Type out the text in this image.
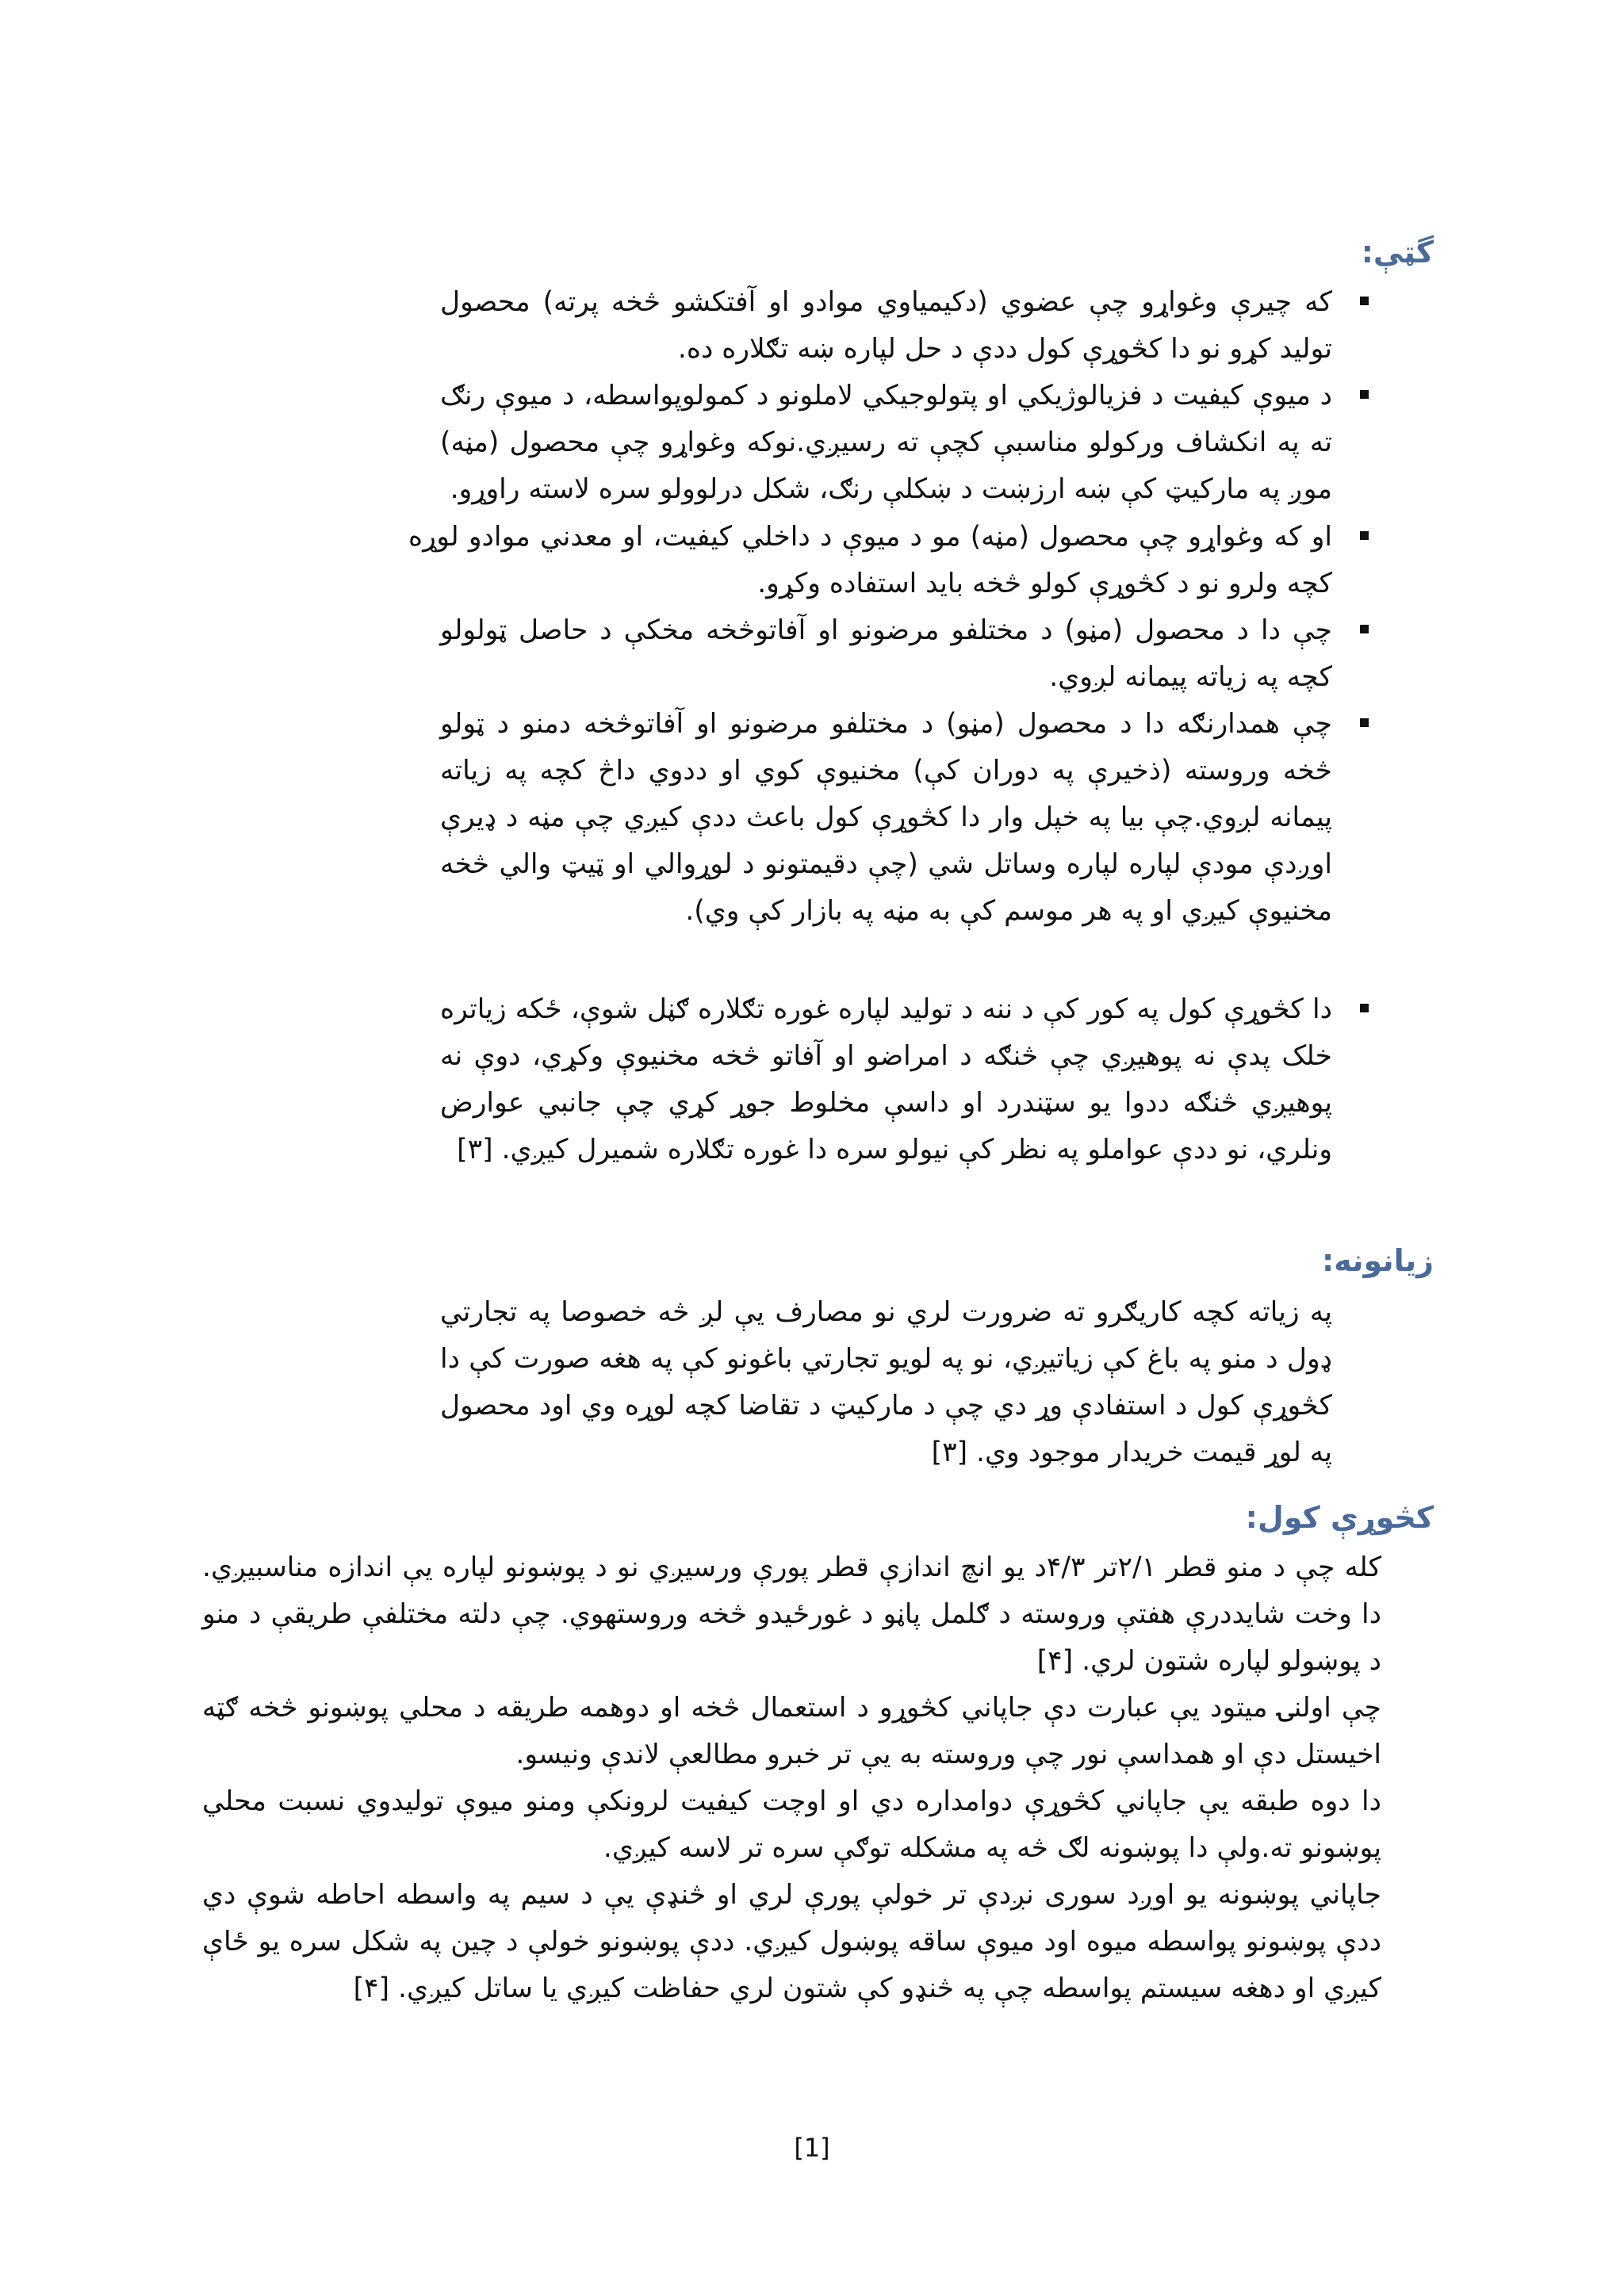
گټې:
که چیرې وغواړو چې عضوي (دکیمیاوي موادو او آفتکشو څخه پرته) محصول تولید کړو نو دا کڅوړې کول ددې د حل لپاره ښه تګلاره ده.
د میوې کیفیت د فزیالوژیکي او پتولوجیکي لاملونو د کمولوپواسطه، د میوې رنګ ته په انکشاف ورکولو مناسبې کچې ته رسیږي.نوکه وغواړو چې محصول (مڼه) موږ په مارکیټ کې ښه ارزښت د ښکلې رنګ، شکل درلوولو سره لاسته راوړو.
او که وغواړو چې محصول (مڼه) مو د میوې د داخلي کیفیت، او معدني موادو لوړه کچه ولرو نو د کڅوړې کولو څخه باید استفاده وکړو.
چې دا د محصول (مڼو) د مختلفو مرضونو او آفاتوڅخه مخکې د حاصل ټولولو کچه په زیاته پیمانه لږوي.
چې همدارنګه دا د محصول (مڼو) د مختلفو مرضونو او آفاتوڅخه دمنو د ټولو څخه وروسته (ذخیرې په دوران کې) مخنیوې کوي او ددوي داڅ کچه په زیاته پیمانه لږوي.چې بیا په خپل وار دا کڅوړې کول باعث ددې کیږي چې مڼه د ډیرې اوږدې مودې لپاره لپاره وساتل شي (چې دقیمتونو د لوړوالي او ټیټ والي څخه مخنیوې کیږي او په هر موسم کې به مڼه په بازار کې وي).
دا کڅوړې کول په کور کې د ننه د تولید لپاره غوره تګلاره ګڼل شوې، ځکه زیاتره خلک پدې نه پوهیږي چې څنګه د امراضو او آفاتو څخه مخنیوې وکړي، دوې نه پوهیږي څنګه ددوا یو سټندرد او داسې مخلوط جوړ کړي چې جانبي عوارض ونلري، نو ددې عواملو په نظر کې نیولو سره دا غوره تګلاره شمیرل کیږي. [۳]
زیانونه:
په زیاته کچه کاریګرو ته ضرورت لري نو مصارف یې لږ څه خصوصا په تجارتي ډول د منو په باغ کې زیاتیږي، نو په لویو تجارتي باغونو کې په هغه صورت کې دا کڅوړې کول د استفادې وړ دي چې د مارکیټ د تقاضا کچه لوړه وي اود محصول په لوړ قیمت خریدار موجود وي. [۳]
کڅوړې کول:
کله چې د منو قطر ۲/۱تر ۴/۳د یو انچ اندازې قطر پورې ورسیږي نو د پوښونو لپاره یې اندازه مناسبیږي. دا وخت شایددرې هفتې وروسته د ګلمل پاڼو د غورځیدو څخه وروستهوي. چې دلته مختلفې طریقې د منو د پوښولو لپاره شتون لري. [۴]
چې اولنۍ میتود یې عبارت دې جاپاني کڅوړو د استعمال څخه او دوهمه طریقه د محلي پوښونو څخه ګټه اخیستل دې او همداسې نور چې وروسته به یې تر خبرو مطالعې لاندې ونیسو.
دا دوه طبقه یې جاپاني کڅوړې دوامداره دي او اوچت کیفیت لرونکې ومنو میوې تولیدوي نسبت محلي پوښونو ته.ولې دا پوښونه لګ څه په مشکله توګې سره تر لاسه کیږي.
جاپاني پوښونه یو اوږد سوری نږدې تر خولې پورې لري او څنډې یې د سیم په واسطه احاطه شوې دي ددې پوښونو پواسطه میوه اود میوې ساقه پوښول کیږي. ددې پوښونو خولې د چین په شکل سره یو ځاې کیږي او دهغه سیستم پواسطه چې په څنډو کې شتون لري حفاظت کیږي یا ساتل کیږي. [۴]
[1]
